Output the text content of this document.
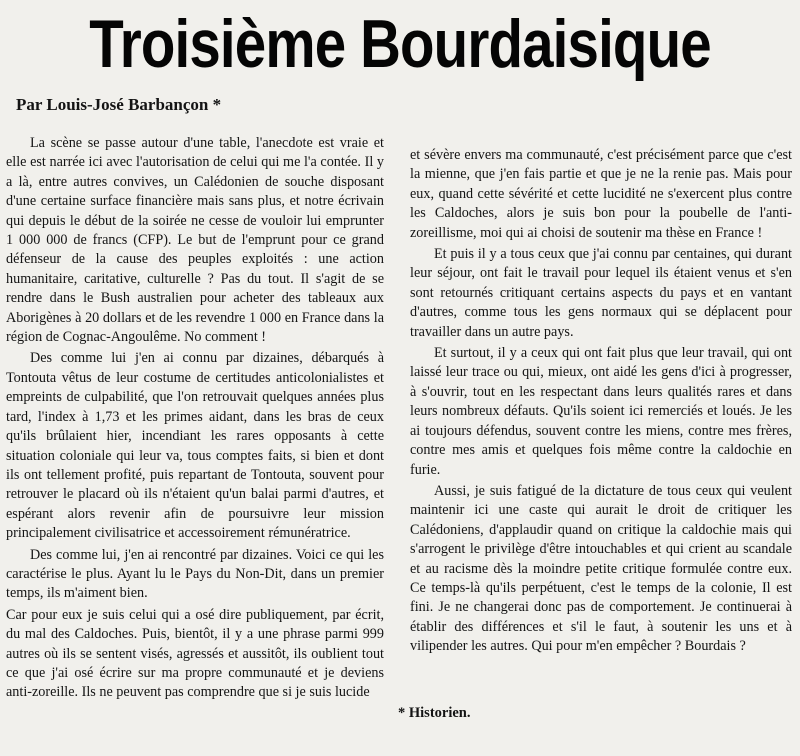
Troisième Bourdaisique
Par Louis-José Barbançon *

La scène se passe autour d'une table, l'anecdote est vraie et elle est narrée ici avec l'autorisation de celui qui me l'a contée. Il y a là, entre autres convives, un Calédonien de souche disposant d'une certaine surface financière mais sans plus, et notre écrivain qui depuis le début de la soirée ne cesse de vouloir lui emprunter 1 000 000 de francs (CFP). Le but de l'emprunt pour ce grand défenseur de la cause des peuples exploités : une action humanitaire, caritative, culturelle ? Pas du tout. Il s'agit de se rendre dans le Bush australien pour acheter des tableaux aux Aborigènes à 20 dollars et de les revendre 1 000 en France dans la région de Cognac-Angoulême. No comment !

Des comme lui j'en ai connu par dizaines, débarqués à Tontouta vêtus de leur costume de certitudes anticolonialistes et empreints de culpabilité, que l'on retrouvait quelques années plus tard, l'index à 1,73 et les primes aidant, dans les bras de ceux qu'ils brûlaient hier, incendiant les rares opposants à cette situation coloniale qui leur va, tous comptes faits, si bien et dont ils ont tellement profité, puis repartant de Tontouta, souvent pour retrouver le placard où ils n'étaient qu'un balai parmi d'autres, et espérant alors revenir afin de poursuivre leur mission principalement civilisatrice et accessoirement rémunératrice.

Des comme lui, j'en ai rencontré par dizaines. Voici ce qui les caractérise le plus. Ayant lu le Pays du Non-Dit, dans un premier temps, ils m'aiment bien.

Car pour eux je suis celui qui a osé dire publiquement, par écrit, du mal des Caldoches. Puis, bientôt, il y a une phrase parmi 999 autres où ils se sentent visés, agressés et aussitôt, ils oublient tout ce que j'ai osé écrire sur ma propre communauté et je deviens anti-zoreille. Ils ne peuvent pas comprendre que si je suis lucide

et sévère envers ma communauté, c'est précisément parce que c'est la mienne, que j'en fais partie et que je ne la renie pas. Mais pour eux, quand cette sévérité et cette lucidité ne s'exercent plus contre les Caldoches, alors je suis bon pour la poubelle de l'anti-zoreillisme, moi qui ai choisi de soutenir ma thèse en France !

Et puis il y a tous ceux que j'ai connu par centaines, qui durant leur séjour, ont fait le travail pour lequel ils étaient venus et s'en sont retournés critiquant certains aspects du pays et en vantant d'autres, comme tous les gens normaux qui se déplacent pour travailler dans un autre pays.

Et surtout, il y a ceux qui ont fait plus que leur travail, qui ont laissé leur trace ou qui, mieux, ont aidé les gens d'ici à progresser, à s'ouvrir, tout en les respectant dans leurs qualités rares et dans leurs nombreux défauts. Qu'ils soient ici remerciés et loués. Je les ai toujours défendus, souvent contre les miens, contre mes frères, contre mes amis et quelques fois même contre la caldochie en furie.

Aussi, je suis fatigué de la dictature de tous ceux qui veulent maintenir ici une caste qui aurait le droit de critiquer les Calédoniens, d'applaudir quand on critique la caldochie mais qui s'arrogent le privilège d'être intouchables et qui crient au scandale et au racisme dès la moindre petite critique formulée contre eux. Ce temps-là qu'ils perpétuent, c'est le temps de la colonie, Il est fini. Je ne changerai donc pas de comportement. Je continuerai à établir des différences et s'il le faut, à soutenir les uns et à vilipender les autres. Qui pour m'en empêcher ? Bourdais ?

* Historien.
